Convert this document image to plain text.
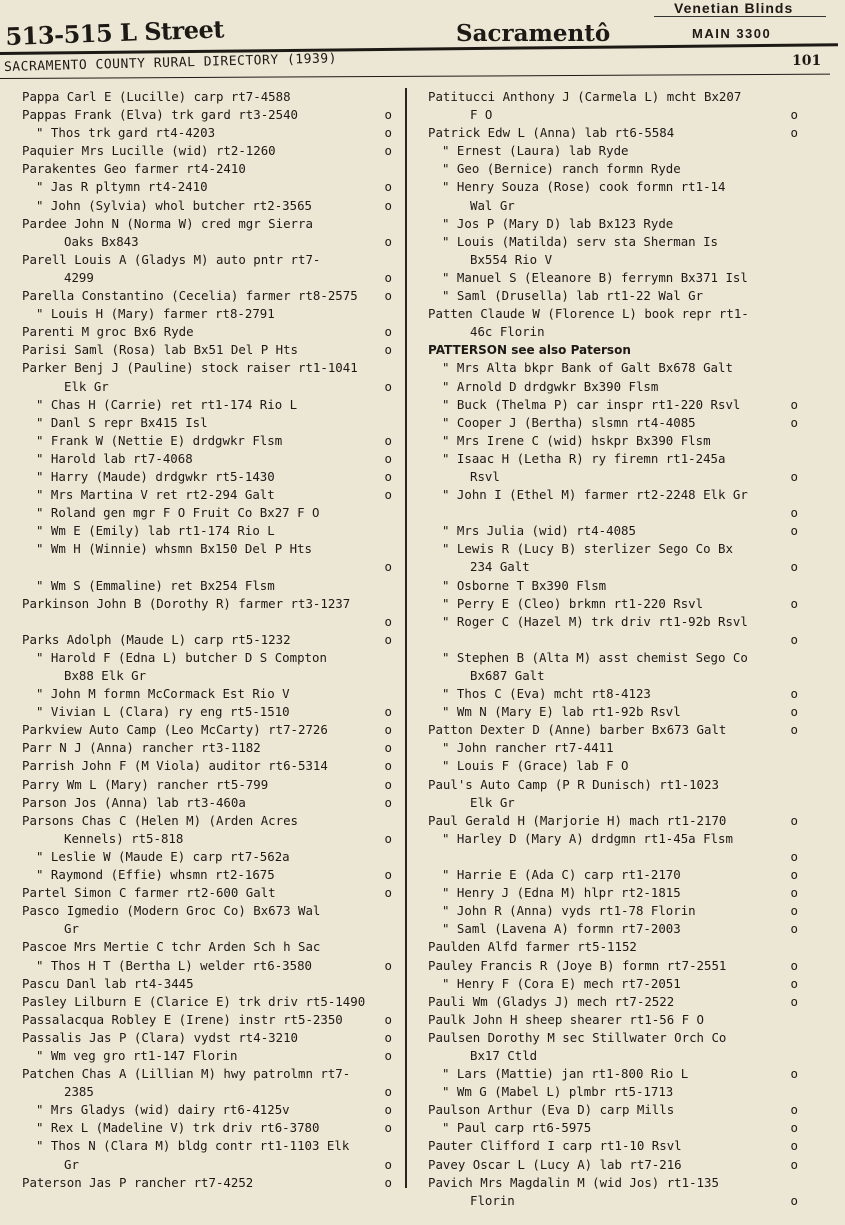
513-515 L Street	Sacramentô
Venetian Blinds
MAIN 3300
SACRAMENTO COUNTY RURAL DIRECTORY (1939)	101
Pappa Carl E (Lucille) carp rt7-4588
Pappas Frank (Elva) trk gard rt3-2540	o
" Thos trk gard rt4-4203	o
Paquier Mrs Lucille (wid) rt2-1260	o
Parakentes Geo farmer rt4-2410
" Jas R pltymn rt4-2410	o
" John (Sylvia) whol butcher rt2-3565	o
Pardee John N (Norma W) cred mgr Sierra
Oaks Bx843	o
Parell Louis A (Gladys M) auto pntr rt7-
4299	o
Parella Constantino (Cecelia) farmer rt8-2575	o
" Louis H (Mary) farmer rt8-2791
Parenti M groc Bx6 Ryde	o
Parisi Saml (Rosa) lab Bx51 Del P Hts	o
Parker Benj J (Pauline) stock raiser rt1-1041
Elk Gr	o
" Chas H (Carrie) ret rt1-174 Rio L
" Danl S repr Bx415 Isl
" Frank W (Nettie E) drdgwkr Flsm	o
" Harold lab rt7-4068	o
" Harry (Maude) drdgwkr rt5-1430	o
" Mrs Martina V ret rt2-294 Galt	o
" Roland gen mgr F O Fruit Co Bx27 F O
" Wm E (Emily) lab rt1-174 Rio L
" Wm H (Winnie) whsmn Bx150 Del P Hts
o
" Wm S (Emmaline) ret Bx254 Flsm
Parkinson John B (Dorothy R) farmer rt3-1237
o
Parks Adolph (Maude L) carp rt5-1232	o
" Harold F (Edna L) butcher D S Compton
Bx88 Elk Gr
" John M formn McCormack Est Rio V
" Vivian L (Clara) ry eng rt5-1510	o
Parkview Auto Camp (Leo McCarty) rt7-2726	o
Parr N J (Anna) rancher rt3-1182	o
Parrish John F (M Viola) auditor rt6-5314	o
Parry Wm L (Mary) rancher rt5-799	o
Parson Jos (Anna) lab rt3-460a	o
Parsons Chas C (Helen M) (Arden Acres
Kennels) rt5-818	o
" Leslie W (Maude E) carp rt7-562a
" Raymond (Effie) whsmn rt2-1675	o
Partel Simon C farmer rt2-600 Galt	o
Pasco Igmedio (Modern Groc Co) Bx673 Wal
Gr
Pascoe Mrs Mertie C tchr Arden Sch h Sac
" Thos H T (Bertha L) welder rt6-3580	o
Pascu Danl lab rt4-3445
Pasley Lilburn E (Clarice E) trk driv rt5-1490
Passalacqua Robley E (Irene) instr rt5-2350	o
Passalis Jas P (Clara) vydst rt4-3210	o
" Wm veg gro rt1-147 Florin	o
Patchen Chas A (Lillian M) hwy patrolmn rt7-
2385	o
" Mrs Gladys (wid) dairy rt6-4125v	o
" Rex L (Madeline V) trk driv rt6-3780	o
" Thos N (Clara M) bldg contr rt1-1103 Elk
Gr	o
Paterson Jas P rancher rt7-4252	o
Patitucci Anthony J (Carmela L) mcht Bx207
F O	o
Patrick Edw L (Anna) lab rt6-5584	o
" Ernest (Laura) lab Ryde
" Geo (Bernice) ranch formn Ryde
" Henry Souza (Rose) cook formn rt1-14
Wal Gr
" Jos P (Mary D) lab Bx123 Ryde
" Louis (Matilda) serv sta Sherman Is
Bx554 Rio V
" Manuel S (Eleanore B) ferrymn Bx371 Isl
" Saml (Drusella) lab rt1-22 Wal Gr
Patten Claude W (Florence L) book repr rt1-
46c Florin
PATTERSON see also Paterson
" Mrs Alta bkpr Bank of Galt Bx678 Galt
" Arnold D drdgwkr Bx390 Flsm
" Buck (Thelma P) car inspr rt1-220 Rsvl	o
" Cooper J (Bertha) slsmn rt4-4085	o
" Mrs Irene C (wid) hskpr Bx390 Flsm
" Isaac H (Letha R) ry firemn rt1-245a
Rsvl	o
" John I (Ethel M) farmer rt2-2248 Elk Gr
o
" Mrs Julia (wid) rt4-4085	o
" Lewis R (Lucy B) sterlizer Sego Co Bx
234 Galt	o
" Osborne T Bx390 Flsm
" Perry E (Cleo) brkmn rt1-220 Rsvl	o
" Roger C (Hazel M) trk driv rt1-92b Rsvl
o
" Stephen B (Alta M) asst chemist Sego Co
Bx687 Galt
" Thos C (Eva) mcht rt8-4123	o
" Wm N (Mary E) lab rt1-92b Rsvl	o
Patton Dexter D (Anne) barber Bx673 Galt	o
" John rancher rt7-4411
" Louis F (Grace) lab F O
Paul's Auto Camp (P R Dunisch) rt1-1023
Elk Gr
Paul Gerald H (Marjorie H) mach rt1-2170	o
" Harley D (Mary A) drdgmn rt1-45a Flsm
o
" Harrie E (Ada C) carp rt1-2170	o
" Henry J (Edna M) hlpr rt2-1815	o
" John R (Anna) vyds rt1-78 Florin	o
" Saml (Lavena A) formn rt7-2003	o
Paulden Alfd farmer rt5-1152
Pauley Francis R (Joye B) formn rt7-2551	o
" Henry F (Cora E) mech rt7-2051	o
Pauli Wm (Gladys J) mech rt7-2522	o
Paulk John H sheep shearer rt1-56 F O
Paulsen Dorothy M sec Stillwater Orch Co
Bx17 Ctld
" Lars (Mattie) jan rt1-800 Rio L	o
" Wm G (Mabel L) plmbr rt5-1713
Paulson Arthur (Eva D) carp Mills	o
" Paul carp rt6-5975	o
Pauter Clifford I carp rt1-10 Rsvl	o
Pavey Oscar L (Lucy A) lab rt7-216	o
Pavich Mrs Magdalin M (wid Jos) rt1-135
Florin	o
